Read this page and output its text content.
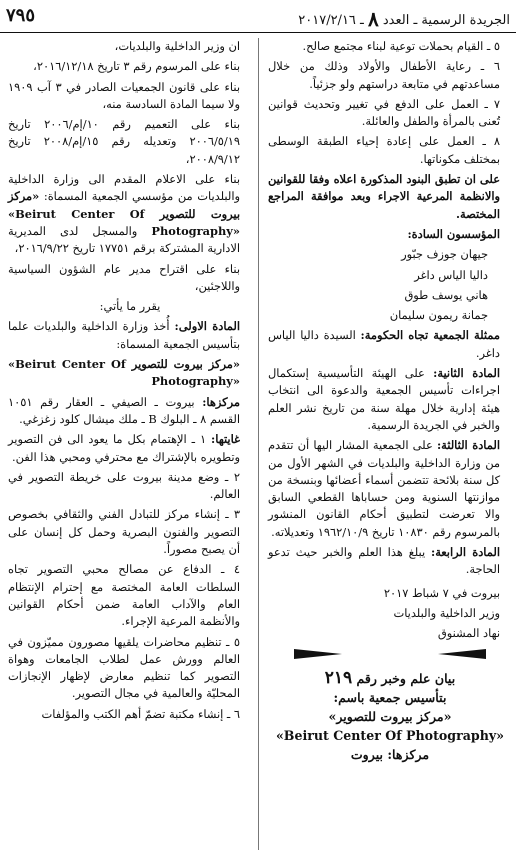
٧٩٥	الجريدة الرسمية ـ العدد ٨ ـ ٢٠١٧/٢/١٦

٥ ـ القيام بحملات توعية لبناء مجتمع صالح.

٦ ـ رعاية الأطفال والأولاد وذلك من خلال مساعدتهم في متابعة دراستهم ولو جزئياً.

٧ ـ العمل على الدفع في تغيير وتحديث قوانين تُعنى بالمرأة والطفل والعائلة.

٨ ـ العمل على إعادة إحياء الطبقة الوسطى بمختلف مكوناتها.

على ان تطبق البنود المذكورة اعلاه وفقا للقوانين والانظمة المرعية الاجراء وبعد موافقة المراجع المختصة.

المؤسسون السادة:

جيهان جوزف جبّور

داليا الياس داغر

هاني يوسف طوق

جمانة ريمون سليمان

ممثلة الجمعية تجاه الحكومة: السيدة داليا الياس داغر.

المادة الثانية: على الهيئة التأسيسية إستكمال اجراءات تأسيس الجمعية والدعوة الى انتخاب هيئة إدارية خلال مهلة سنة من تاريخ نشر العلم والخبر في الجريدة الرسمية.

المادة الثالثة: على الجمعية المشار اليها أن تتقدم من وزارة الداخلية والبلديات في الشهر الأول من كل سنة بلائحة تتضمن أسماء أعضائها وبنسخة من موازنتها السنوية ومن حساباها القطعي السابق والا تعرضت لتطبيق أحكام القانون المنشور بالمرسوم رقم ١٠٨٣٠ تاريخ ١٩٦٢/١٠/٩ وتعديلاته.

المادة الرابعة: يبلغ هذا العلم والخبر حيث تدعو الحاجة.

بيروت في ٧ شباط ٢٠١٧

وزير الداخلية والبلديات

نهاد المشنوق

بيان علم وخبر رقم ٢١٩
بتأسيس جمعية باسم:
«مركز بيروت للتصوير»
«Beirut Center Of Photography»
مركزها: بيروت

ان وزير الداخلية والبلديات،

بناء على المرسوم رقم ٣ تاريخ ٢٠١٦/١٢/١٨،

بناء على قانون الجمعيات الصادر في ٣ آب ١٩٠٩ ولا سيما المادة السادسة منه،

بناء على التعميم رقم ١٠/إم/٢٠٠٦ تاريخ ٢٠٠٦/٥/١٩ وتعديله رقم ١٥/إم/٢٠٠٨ تاريخ ٢٠٠٨/٩/١٢،

بناء على الاعلام المقدم الى وزارة الداخلية والبلديات من مؤسسي الجمعية المسماة: «مركز بيروت للتصوير «Beirut Center Of Photography» والمسجل لدى المديرية الادارية المشتركة برقم ١٧٧٥١ تاريخ ٢٠١٦/٩/٢٢،

بناء على اقتراح مدير عام الشؤون السياسية واللاجئين،

يقرر ما يأتي:

المادة الاولى: أُخذ وزارة الداخلية والبلديات علما بتأسيس الجمعية المسماة:

«مركز بيروت للتصوير «Beirut Center Of Photography»

مركزها: بيروت ـ الصيفي ـ العقار رقم ١٠٥١ القسم ٨ ـ البلوك B ـ ملك ميشال كلود زغزغي.

غايتها: ١ ـ الإهتمام بكل ما يعود الى فن التصوير وتطويره بالإشتراك مع محترفي ومحبي هذا الفن.

٢ ـ وضع مدينة بيروت على خريطة التصوير في العالم.

٣ ـ إنشاء مركز للتبادل الفني والثقافي بخصوص التصوير والفنون البصرية وحمل كل إنسان على أن يصبح مصوراً.

٤ ـ الدفاع عن مصالح محبي التصوير تجاه السلطات العامة المختصة مع إحترام الإنتظام العام والآداب العامة ضمن أحكام القوانين والأنظمة المرعية الإجراء.

٥ ـ تنظيم محاضرات يلقيها مصورون مميّزون في العالم وورش عمل لطلاب الجامعات وهواة التصوير كما تنظيم معارض لإظهار الإنجازات المحليّة والعالمية في مجال التصوير.

٦ ـ إنشاء مكتبة تضمّ أهم الكتب والمؤلفات
